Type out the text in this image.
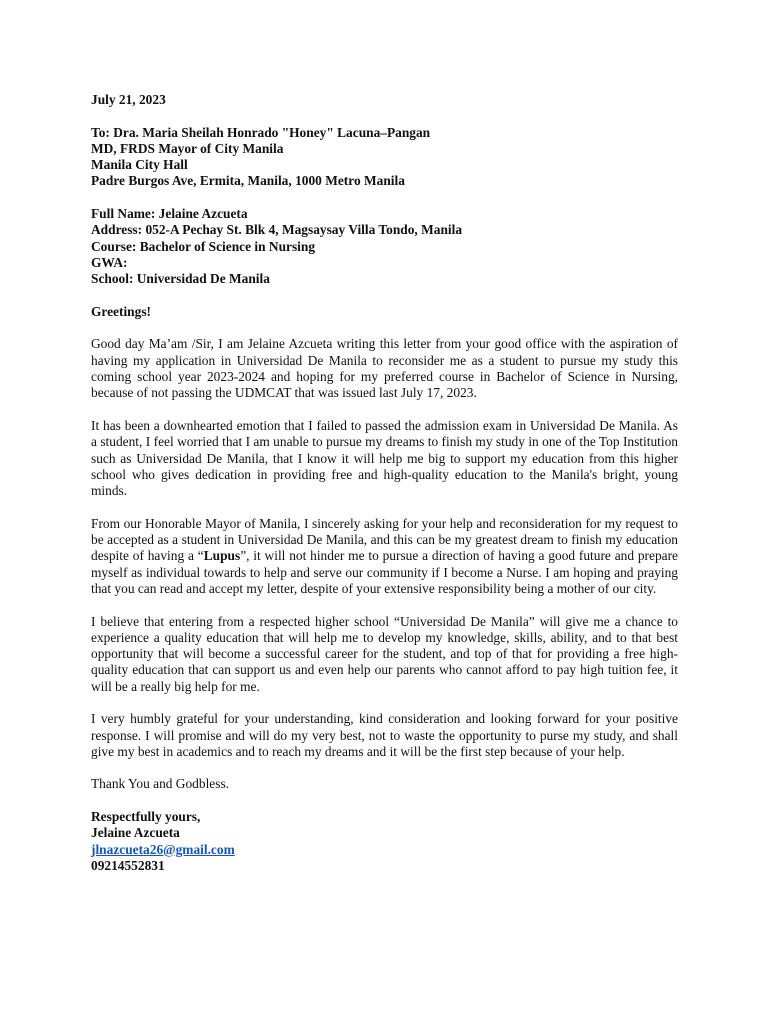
July 21, 2023
To: Dra. Maria Sheilah Honrado "Honey" Lacuna–Pangan
MD, FRDS Mayor of City Manila
Manila City Hall
Padre Burgos Ave, Ermita, Manila, 1000 Metro Manila
Full Name: Jelaine Azcueta
Address: 052-A Pechay St. Blk 4, Magsaysay Villa Tondo, Manila
Course: Bachelor of Science in Nursing
GWA:
School: Universidad De Manila
Greetings!

Good day Ma’am /Sir, I am Jelaine Azcueta writing this letter from your good office with the aspiration of having my application in Universidad De Manila to reconsider me as a student to pursue my study this coming school year 2023-2024 and hoping for my preferred course in Bachelor of Science in Nursing, because of not passing the UDMCAT that was issued last July 17, 2023.

It has been a downhearted emotion that I failed to passed the admission exam in Universidad De Manila. As a student, I feel worried that I am unable to pursue my dreams to finish my study in one of the Top Institution such as Universidad De Manila, that I know it will help me big to support my education from this higher school who gives dedication in providing free and high-quality education to the Manila's bright, young minds.

From our Honorable Mayor of Manila, I sincerely asking for your help and reconsideration for my request to be accepted as a student in Universidad De Manila, and this can be my greatest dream to finish my education despite of having a “Lupus”, it will not hinder me to pursue a direction of having a good future and prepare myself as individual towards to help and serve our community if I become a Nurse. I am hoping and praying that you can read and accept my letter, despite of your extensive responsibility being a mother of our city.

I believe that entering from a respected higher school “Universidad De Manila” will give me a chance to experience a quality education that will help me to develop my knowledge, skills, ability, and to that best opportunity that will become a successful career for the student, and top of that for providing a free high-quality education that can support us and even help our parents who cannot afford to pay high tuition fee, it will be a really big help for me.

I very humbly grateful for your understanding, kind consideration and looking forward for your positive response. I will promise and will do my very best, not to waste the opportunity to purse my study, and shall give my best in academics and to reach my dreams and it will be the first step because of your help.

Thank You and Godbless.

Respectfully yours,
Jelaine Azcueta
jlnazcueta26@gmail.com
09214552831
